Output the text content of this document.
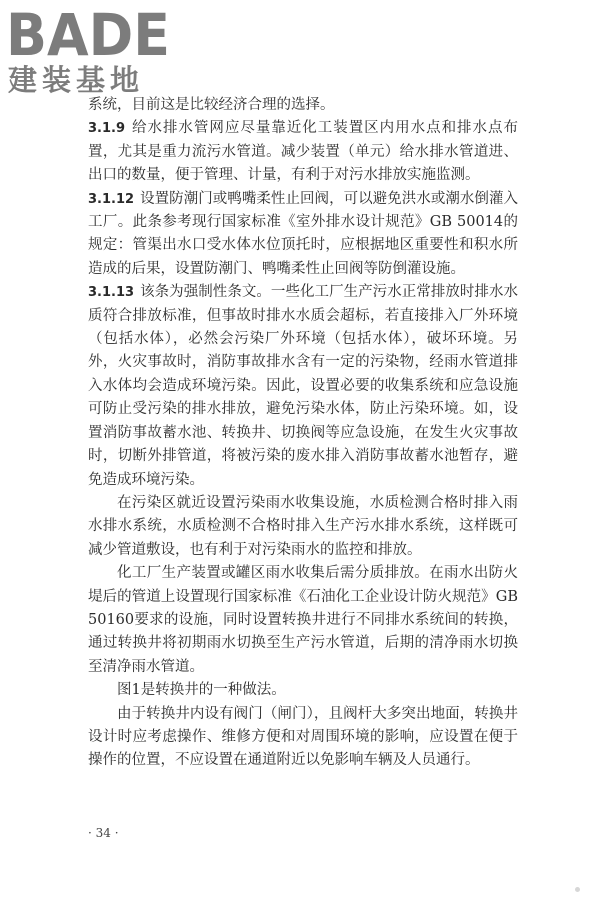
BADE
建装基地

系统，目前这是比较经济合理的选择。

3.1.9 给水排水管网应尽量靠近化工装置区内用水点和排水点布置，尤其是重力流污水管道。减少装置（单元）给水排水管道进、出口的数量，便于管理、计量，有利于对污水排放实施监测。

3.1.12 设置防潮门或鸭嘴柔性止回阀，可以避免洪水或潮水倒灌入工厂。此条参考现行国家标准《室外排水设计规范》GB 50014的规定：管渠出水口受水体水位顶托时，应根据地区重要性和积水所造成的后果，设置防潮门、鸭嘴柔性止回阀等防倒灌设施。

3.1.13 该条为强制性条文。一些化工厂生产污水正常排放时排水水质符合排放标准，但事故时排水水质会超标，若直接排入厂外环境（包括水体），必然会污染厂外环境（包括水体），破坏环境。另外，火灾事故时，消防事故排水含有一定的污染物，经雨水管道排入水体均会造成环境污染。因此，设置必要的收集系统和应急设施可防止受污染的排水排放，避免污染水体，防止污染环境。如，设置消防事故蓄水池、转换井、切换阀等应急设施，在发生火灾事故时，切断外排管道，将被污染的废水排入消防事故蓄水池暂存，避免造成环境污染。

在污染区就近设置污染雨水收集设施，水质检测合格时排入雨水排水系统，水质检测不合格时排入生产污水排水系统，这样既可减少管道敷设，也有利于对污染雨水的监控和排放。

化工厂生产装置或罐区雨水收集后需分质排放。在雨水出防火堤后的管道上设置现行国家标准《石油化工企业设计防火规范》GB 50160要求的设施，同时设置转换井进行不同排水系统间的转换，通过转换井将初期雨水切换至生产污水管道，后期的清净雨水切换至清净雨水管道。

图1是转换井的一种做法。

由于转换井内设有阀门（闸门），且阀杆大多突出地面，转换井设计时应考虑操作、维修方便和对周围环境的影响，应设置在便于操作的位置，不应设置在通道附近以免影响车辆及人员通行。

· 34 ·
